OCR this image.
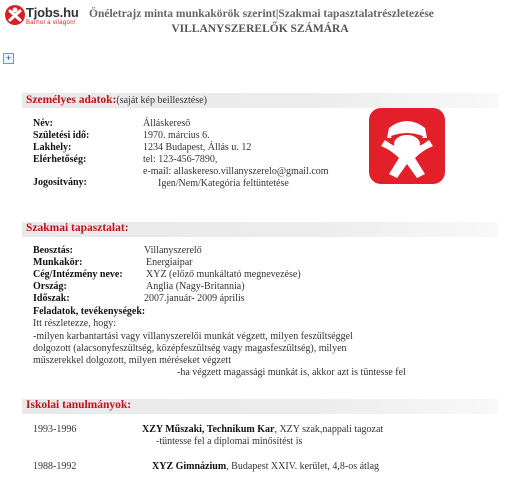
Tjobs.hu
Barhol a vilagon!
Önéletrajz minta munkakörök szerint|Szakmai tapasztalatrészletezése
VILLANYSZERELŐK SZÁMÁRA
+
Személyes adatok:(saját kép beillesztése)
Név:	Álláskereső
Születési idő:	1970. március 6.
Lakhely:	1234 Budapest, Állás u. 12
Elérhetőség:	tel: 123-456-7890,
e-mail: allaskereso.villanyszerelo@gmail.com
Jogosítvány:	Igen/Nem/Kategória feltüntetése
Szakmai tapasztalat:
Beosztás:	Villanyszerelő
Munkakör:	Energiaipar
Cég/Intézmény neve: XYZ (előző munkáltató megnevezése)
Ország:	Anglia (Nagy-Britannia)
Időszak:	2007.január- 2009 április
Feladatok, tevékenységek:
Itt részletezze, hogy:
-milyen karbantartási vagy villanyszerelői munkát végzett, milyen feszültséggel
dolgozott (alacsonyfeszültség, középfeszültség vagy magasfeszültség), milyen
műszerekkel dolgozott, milyen méréseket végzett
-ha végzett magassági munkát is, akkor azt is tüntesse fel
Iskolai tanulmányok:
1993-1996	XZY Műszaki, Technikum Kar, XZY szak,nappali tagozat
-tüntesse fel a diplomai minősítést is
1988-1992	XYZ Gimnázium, Budapest XXIV. kerület, 4,8-os átlag
